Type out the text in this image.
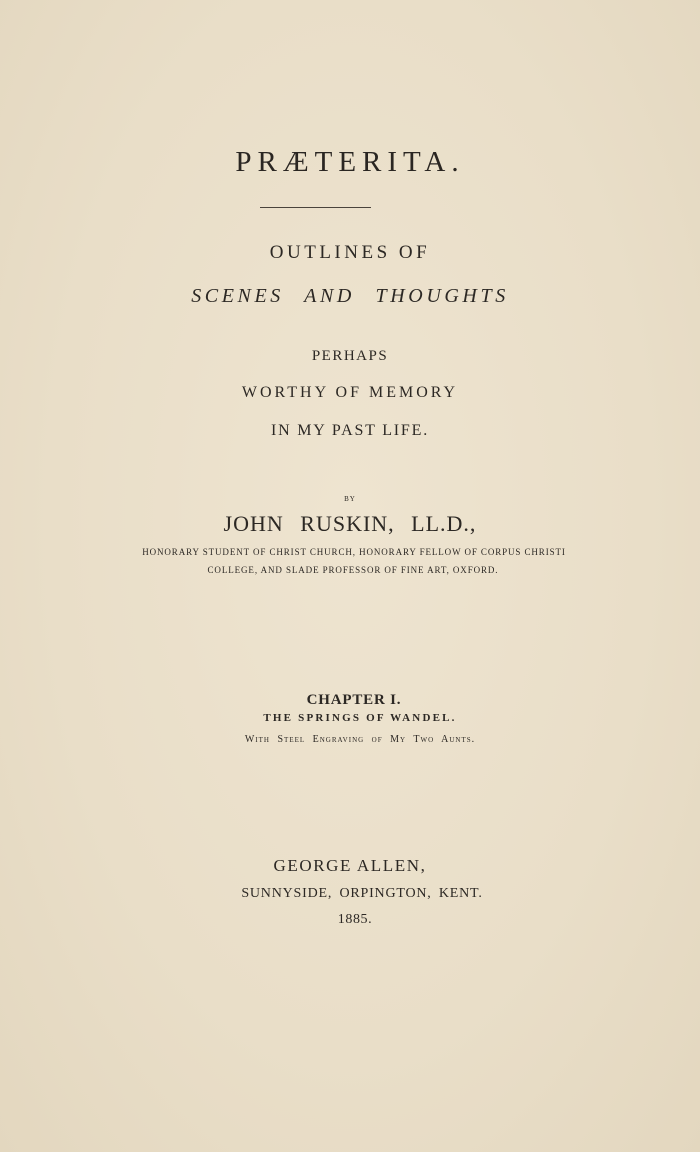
PRÆTERITA.
OUTLINES OF
SCENES AND THOUGHTS
PERHAPS
WORTHY OF MEMORY
IN MY PAST LIFE.
BY
JOHN RUSKIN, LL.D.,
HONORARY STUDENT OF CHRIST CHURCH, HONORARY FELLOW OF CORPUS CHRISTI
COLLEGE, AND SLADE PROFESSOR OF FINE ART, OXFORD.
CHAPTER I.
THE SPRINGS OF WANDEL.
With Steel Engraving of My Two Aunts.
GEORGE ALLEN,
SUNNYSIDE, ORPINGTON, KENT.
1885.
